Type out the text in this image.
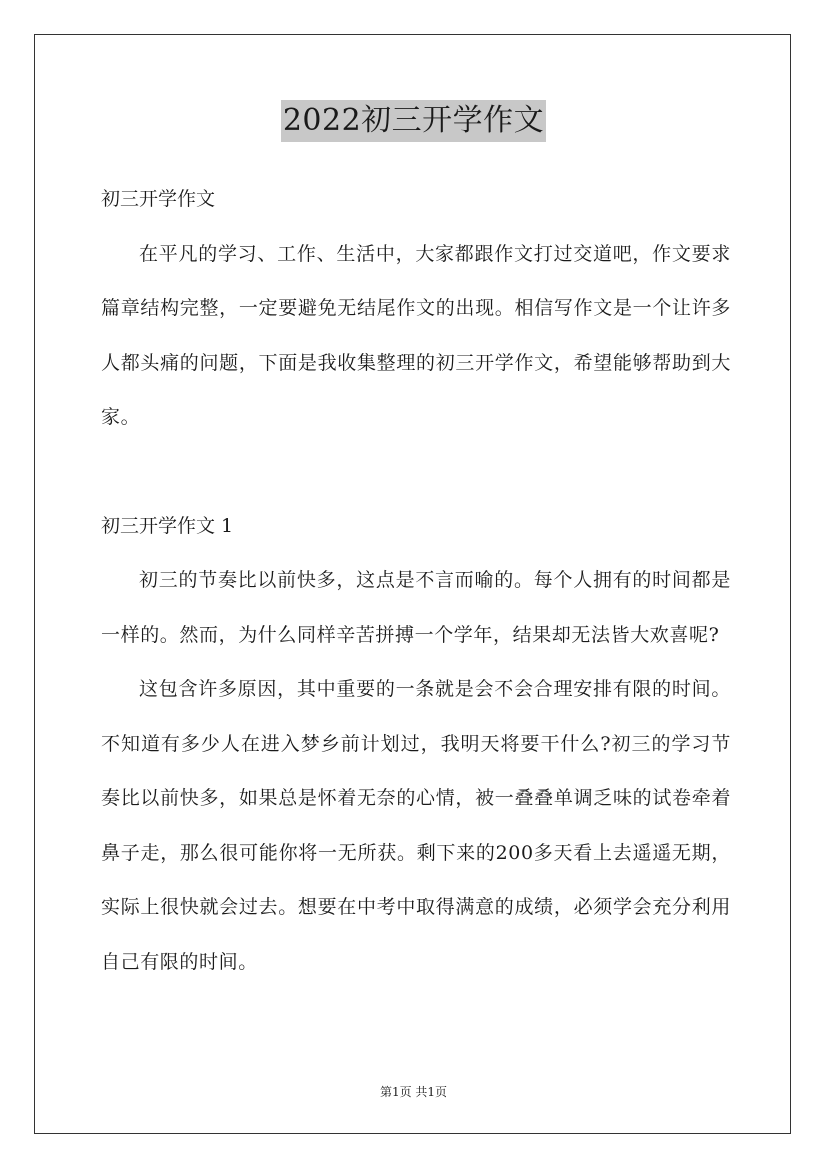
2022初三开学作文

初三开学作文

在平凡的学习、工作、生活中，大家都跟作文打过交道吧，作文要求篇章结构完整，一定要避免无结尾作文的出现。相信写作文是一个让许多人都头痛的问题，下面是我收集整理的初三开学作文，希望能够帮助到大家。

初三开学作文 1

初三的节奏比以前快多，这点是不言而喻的。每个人拥有的时间都是一样的。然而，为什么同样辛苦拼搏一个学年，结果却无法皆大欢喜呢?

这包含许多原因，其中重要的一条就是会不会合理安排有限的时间。不知道有多少人在进入梦乡前计划过，我明天将要干什么?初三的学习节奏比以前快多，如果总是怀着无奈的心情，被一叠叠单调乏味的试卷牵着鼻子走，那么很可能你将一无所获。剩下来的200多天看上去遥遥无期，实际上很快就会过去。想要在中考中取得满意的成绩，必须学会充分利用自己有限的时间。

第1页 共1页
